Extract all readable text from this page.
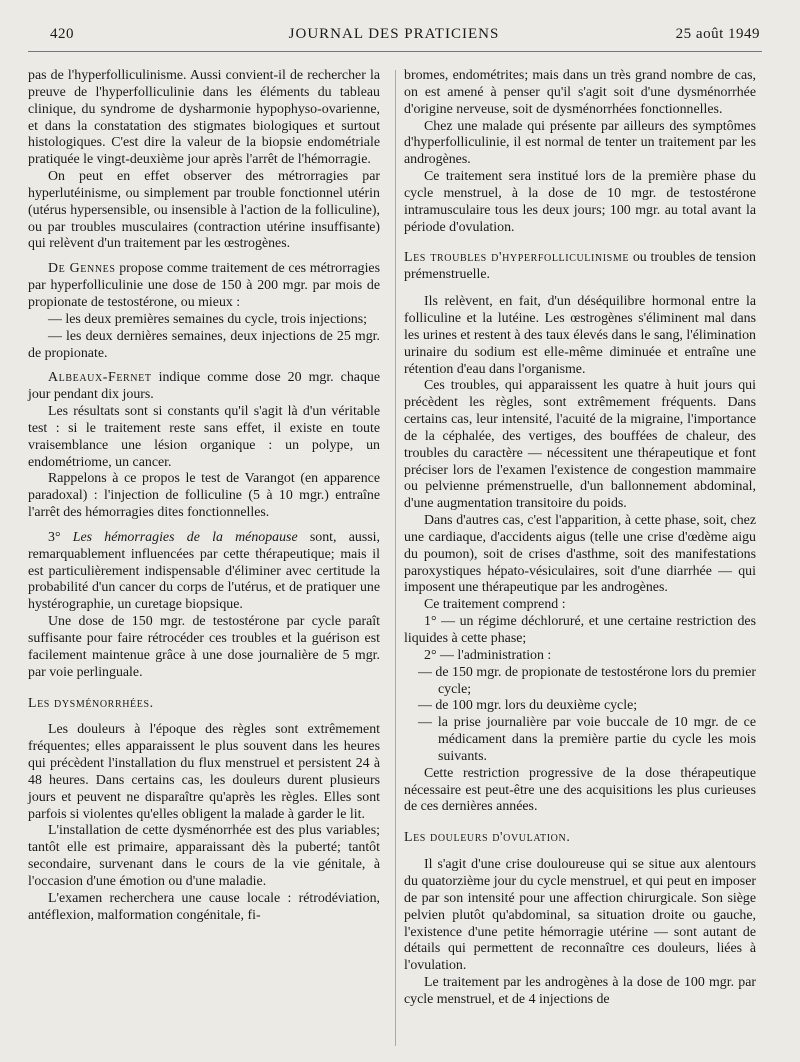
420	JOURNAL DES PRATICIENS	25 août 1949

pas de l'hyperfolliculinisme. Aussi convient-il de rechercher la preuve de l'hyperfolliculinie dans les éléments du tableau clinique, du syndrome de dysharmonie hypophyso-ovarienne, et dans la constatation des stigmates biologiques et surtout histologiques. C'est dire la valeur de la biopsie endométriale pratiquée le vingt-deuxième jour après l'arrêt de l'hémorragie.

On peut en effet observer des métrorragies par hyperlutéinisme, ou simplement par trouble fonctionnel utérin (utérus hypersensible, ou insensible à l'action de la folliculine), ou par troubles musculaires (contraction utérine insuffisante) qui relèvent d'un traitement par les œstrogènes.

De Gennes propose comme traitement de ces métrorragies par hyperfolliculinie une dose de 150 à 200 mgr. par mois de propionate de testostérone, ou mieux :

— les deux premières semaines du cycle, trois injections;

— les deux dernières semaines, deux injections de 25 mgr. de propionate.

Albeaux-Fernet indique comme dose 20 mgr. chaque jour pendant dix jours.

Les résultats sont si constants qu'il s'agit là d'un véritable test : si le traitement reste sans effet, il existe en toute vraisemblance une lésion organique : un polype, un endométriome, un cancer.

Rappelons à ce propos le test de Varangot (en apparence paradoxal) : l'injection de folliculine (5 à 10 mgr.) entraîne l'arrêt des hémorragies dites fonctionnelles.

3° Les hémorragies de la ménopause sont, aussi, remarquablement influencées par cette thérapeutique; mais il est particulièrement indispensable d'éliminer avec certitude la probabilité d'un cancer du corps de l'utérus, et de pratiquer une hystérographie, un curetage biopsique.

Une dose de 150 mgr. de testostérone par cycle paraît suffisante pour faire rétrocéder ces troubles et la guérison est facilement maintenue grâce à une dose journalière de 5 mgr. par voie perlinguale.

Les dysménorrhées.

Les douleurs à l'époque des règles sont extrêmement fréquentes; elles apparaissent le plus souvent dans les heures qui précèdent l'installation du flux menstruel et persistent 24 à 48 heures. Dans certains cas, les douleurs durent plusieurs jours et peuvent ne disparaître qu'après les règles. Elles sont parfois si violentes qu'elles obligent la malade à garder le lit.

L'installation de cette dysménorrhée est des plus variables; tantôt elle est primaire, apparaissant dès la puberté; tantôt secondaire, survenant dans le cours de la vie génitale, à l'occasion d'une émotion ou d'une maladie.

L'examen recherchera une cause locale : rétrodéviation, antéflexion, malformation congénitale, fi-

bromes, endométrites; mais dans un très grand nombre de cas, on est amené à penser qu'il s'agit soit d'une dysménorrhée d'origine nerveuse, soit de dysménorrhées fonctionnelles.

Chez une malade qui présente par ailleurs des symptômes d'hyperfolliculinie, il est normal de tenter un traitement par les androgènes.

Ce traitement sera institué lors de la première phase du cycle menstruel, à la dose de 10 mgr. de testostérone intramusculaire tous les deux jours; 100 mgr. au total avant la période d'ovulation.

Les troubles d'hyperfolliculinisme ou troubles de tension prémenstruelle.

Ils relèvent, en fait, d'un déséquilibre hormonal entre la folliculine et la lutéine. Les œstrogènes s'éliminent mal dans les urines et restent à des taux élevés dans le sang, l'élimination urinaire du sodium est elle-même diminuée et entraîne une rétention d'eau dans l'organisme.

Ces troubles, qui apparaissent les quatre à huit jours qui précèdent les règles, sont extrêmement fréquents. Dans certains cas, leur intensité, l'acuité de la migraine, l'importance de la céphalée, des vertiges, des bouffées de chaleur, des troubles du caractère — nécessitent une thérapeutique et font préciser lors de l'examen l'existence de congestion mammaire ou pelvienne prémenstruelle, d'un ballonnement abdominal, d'une augmentation transitoire du poids.

Dans d'autres cas, c'est l'apparition, à cette phase, soit, chez une cardiaque, d'accidents aigus (telle une crise d'œdème aigu du poumon), soit de crises d'asthme, soit des manifestations paroxystiques hépato-vésiculaires, soit d'une diarrhée — qui imposent une thérapeutique par les androgènes.

Ce traitement comprend :

1° — un régime déchloruré, et une certaine restriction des liquides à cette phase;

2° — l'administration :

— de 150 mgr. de propionate de testostérone lors du premier cycle;

— de 100 mgr. lors du deuxième cycle;

— la prise journalière par voie buccale de 10 mgr. de ce médicament dans la première partie du cycle les mois suivants.

Cette restriction progressive de la dose thérapeutique nécessaire est peut-être une des acquisitions les plus curieuses de ces dernières années.

Les douleurs d'ovulation.

Il s'agit d'une crise douloureuse qui se situe aux alentours du quatorzième jour du cycle menstruel, et qui peut en imposer de par son intensité pour une affection chirurgicale. Son siège pelvien plutôt qu'abdominal, sa situation droite ou gauche, l'existence d'une petite hémorragie utérine — sont autant de détails qui permettent de reconnaître ces douleurs, liées à l'ovulation.

Le traitement par les androgènes à la dose de 100 mgr. par cycle menstruel, et de 4 injections de
